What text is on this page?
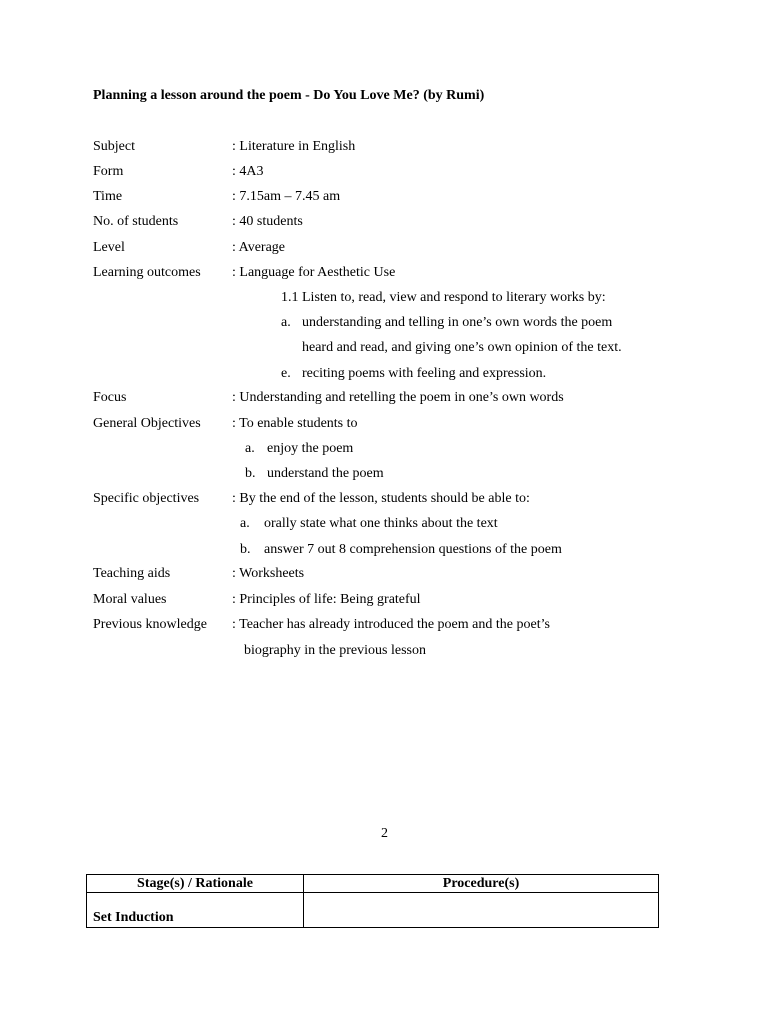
Planning a lesson around the poem - Do You Love Me? (by Rumi)
Subject	: Literature in English
Form	: 4A3
Time	: 7.15am – 7.45 am
No. of students	: 40 students
Level	: Average
Learning outcomes : Language for Aesthetic Use
1.1 Listen to, read, view and respond to literary works by:
a. understanding and telling in one’s own words the poem
heard and read, and giving one’s own opinion of the text.
e. reciting poems with feeling and expression.
Focus	: Understanding and retelling the poem in one’s own words
General Objectives : To enable students to
a. enjoy the poem
b. understand the poem
Specific objectives : By the end of the lesson, students should be able to:
a. orally state what one thinks about the text
b. answer 7 out 8 comprehension questions of the poem
Teaching aids	: Worksheets
Moral values	: Principles of life: Being grateful
Previous knowledge : Teacher has already introduced the poem and the poet’s
biography in the previous lesson
2
Stage(s) / Rationale	Procedure(s)
Set Induction	
